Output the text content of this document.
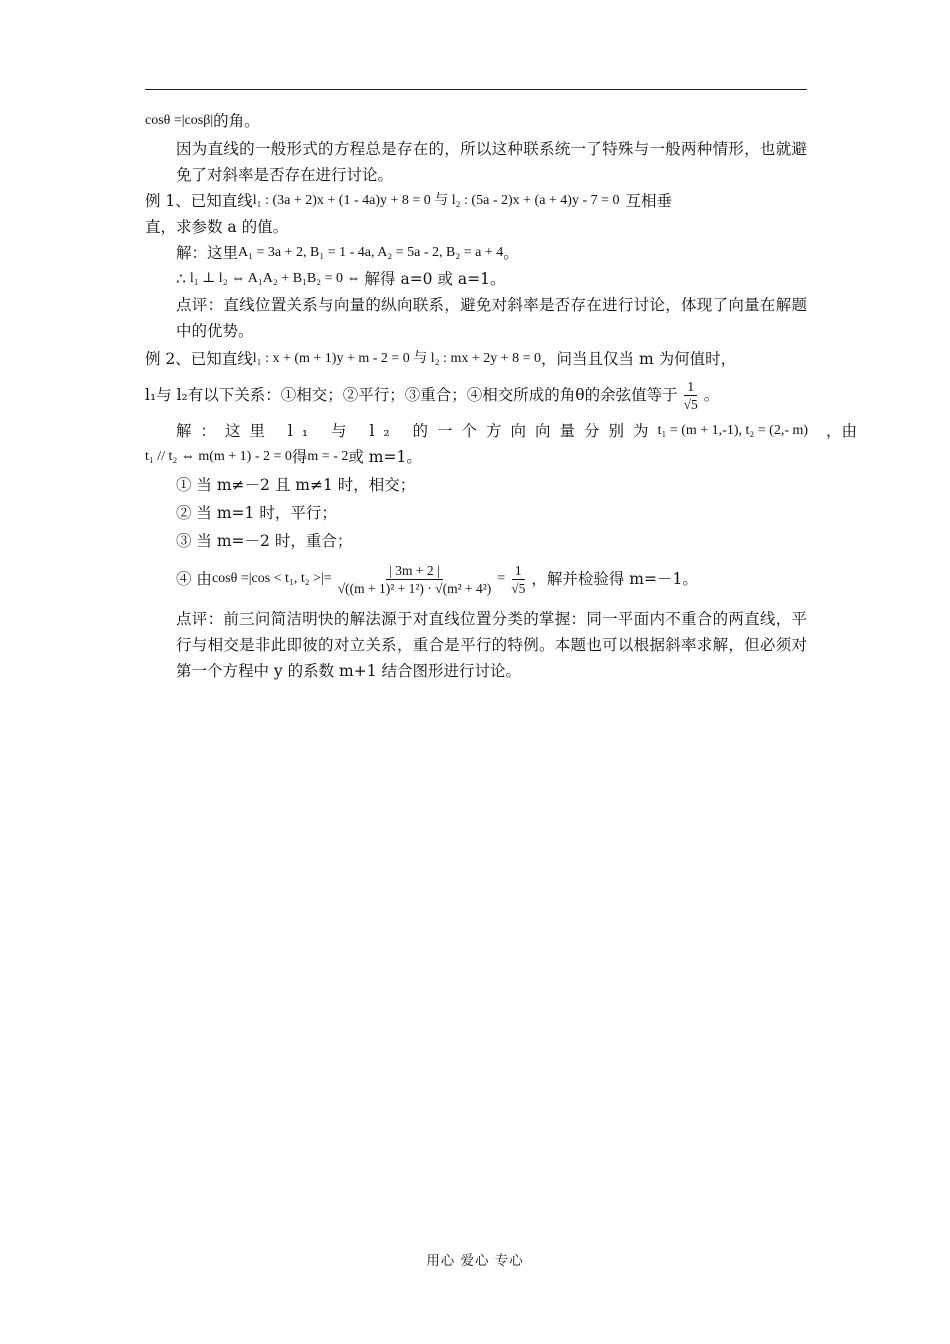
cosθ =|cosβ| 的角。
因为直线的一般形式的方程总是存在的，所以这种联系统一了特殊与一般两种情形，也就避免了对斜率是否存在进行讨论。
例 1、已知直线 l₁ : (3a + 2)x + (1 - 4a)y + 8 = 0 与 l₂ : (5a - 2)x + (a + 4)y - 7 = 0 互相垂
直，求参数 a 的值。
解：这里 A₁ = 3a + 2, B₁ = 1 - 4a, A₂ = 5a - 2, B₂ = a + 4 。
∴ l₁ ⊥ l₂ ⇔ A₁A₂ + B₁B₂ = 0 ⇔ 解得 a=0 或 a=1。
点评：直线位置关系与向量的纵向联系，避免对斜率是否存在进行讨论，体现了向量在解题中的优势。
例 2、已知直线 l₁ : x + (m + 1)y + m - 2 = 0 与 l₂ : mx + 2y + 8 = 0 ，问当且仅当 m 为何值时，
l₁与 l₂有以下关系：①相交；②平行；③重合；④相交所成的角θ的余弦值等于 $\frac{1}{√5}$ 。
解：这里 l₁ 与 l₂ 的一个方向向量分别为 t₁ = (m + 1,-1), t₂ = (2,- m) ，由
t₁ // t₂ ⇔ m(m + 1) - 2 = 0 得 m = - 2 或 m=1。
① 当 m≠－2 且 m≠1 时，相交；
② 当 m=1 时，平行；
③ 当 m=－2 时，重合；
④ 由 cosθ =|cos < t₁, t₂ >|= $\frac{| 3m + 2 |}{\text{√((m + 1)² + 1²) · √(m² + 4²)}} = \frac{1}{√5}$ ，解并检验得 m=－1。
点评：前三问简洁明快的解法源于对直线位置分类的掌握：同一平面内不重合的两直线，平行与相交是非此即彼的对立关系，重合是平行的特例。本题也可以根据斜率求解，但必须对第一个方程中 y 的系数 m+1 结合图形进行讨论。
用心 爱心 专心
